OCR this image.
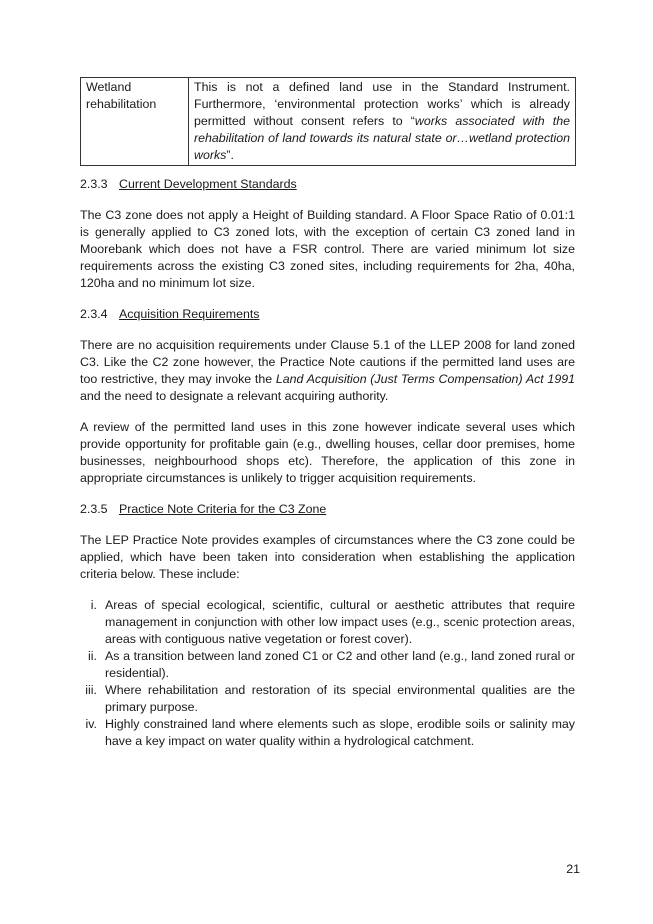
Wetland rehabilitation	This is not a defined land use in the Standard Instrument. Furthermore, ‘environmental protection works’ which is already permitted without consent refers to “works associated with the rehabilitation of land towards its natural state or…wetland protection works”.
2.3.3 Current Development Standards

The C3 zone does not apply a Height of Building standard. A Floor Space Ratio of 0.01:1 is generally applied to C3 zoned lots, with the exception of certain C3 zoned land in Moorebank which does not have a FSR control. There are varied minimum lot size requirements across the existing C3 zoned sites, including requirements for 2ha, 40ha, 120ha and no minimum lot size.

2.3.4 Acquisition Requirements

There are no acquisition requirements under Clause 5.1 of the LLEP 2008 for land zoned C3. Like the C2 zone however, the Practice Note cautions if the permitted land uses are too restrictive, they may invoke the Land Acquisition (Just Terms Compensation) Act 1991 and the need to designate a relevant acquiring authority.

A review of the permitted land uses in this zone however indicate several uses which provide opportunity for profitable gain (e.g., dwelling houses, cellar door premises, home businesses, neighbourhood shops etc). Therefore, the application of this zone in appropriate circumstances is unlikely to trigger acquisition requirements.

2.3.5 Practice Note Criteria for the C3 Zone

The LEP Practice Note provides examples of circumstances where the C3 zone could be applied, which have been taken into consideration when establishing the application criteria below. These include:

i. Areas of special ecological, scientific, cultural or aesthetic attributes that require management in conjunction with other low impact uses (e.g., scenic protection areas, areas with contiguous native vegetation or forest cover).
ii. As a transition between land zoned C1 or C2 and other land (e.g., land zoned rural or residential).
iii. Where rehabilitation and restoration of its special environmental qualities are the primary purpose.
iv. Highly constrained land where elements such as slope, erodible soils or salinity may have a key impact on water quality within a hydrological catchment.
21
